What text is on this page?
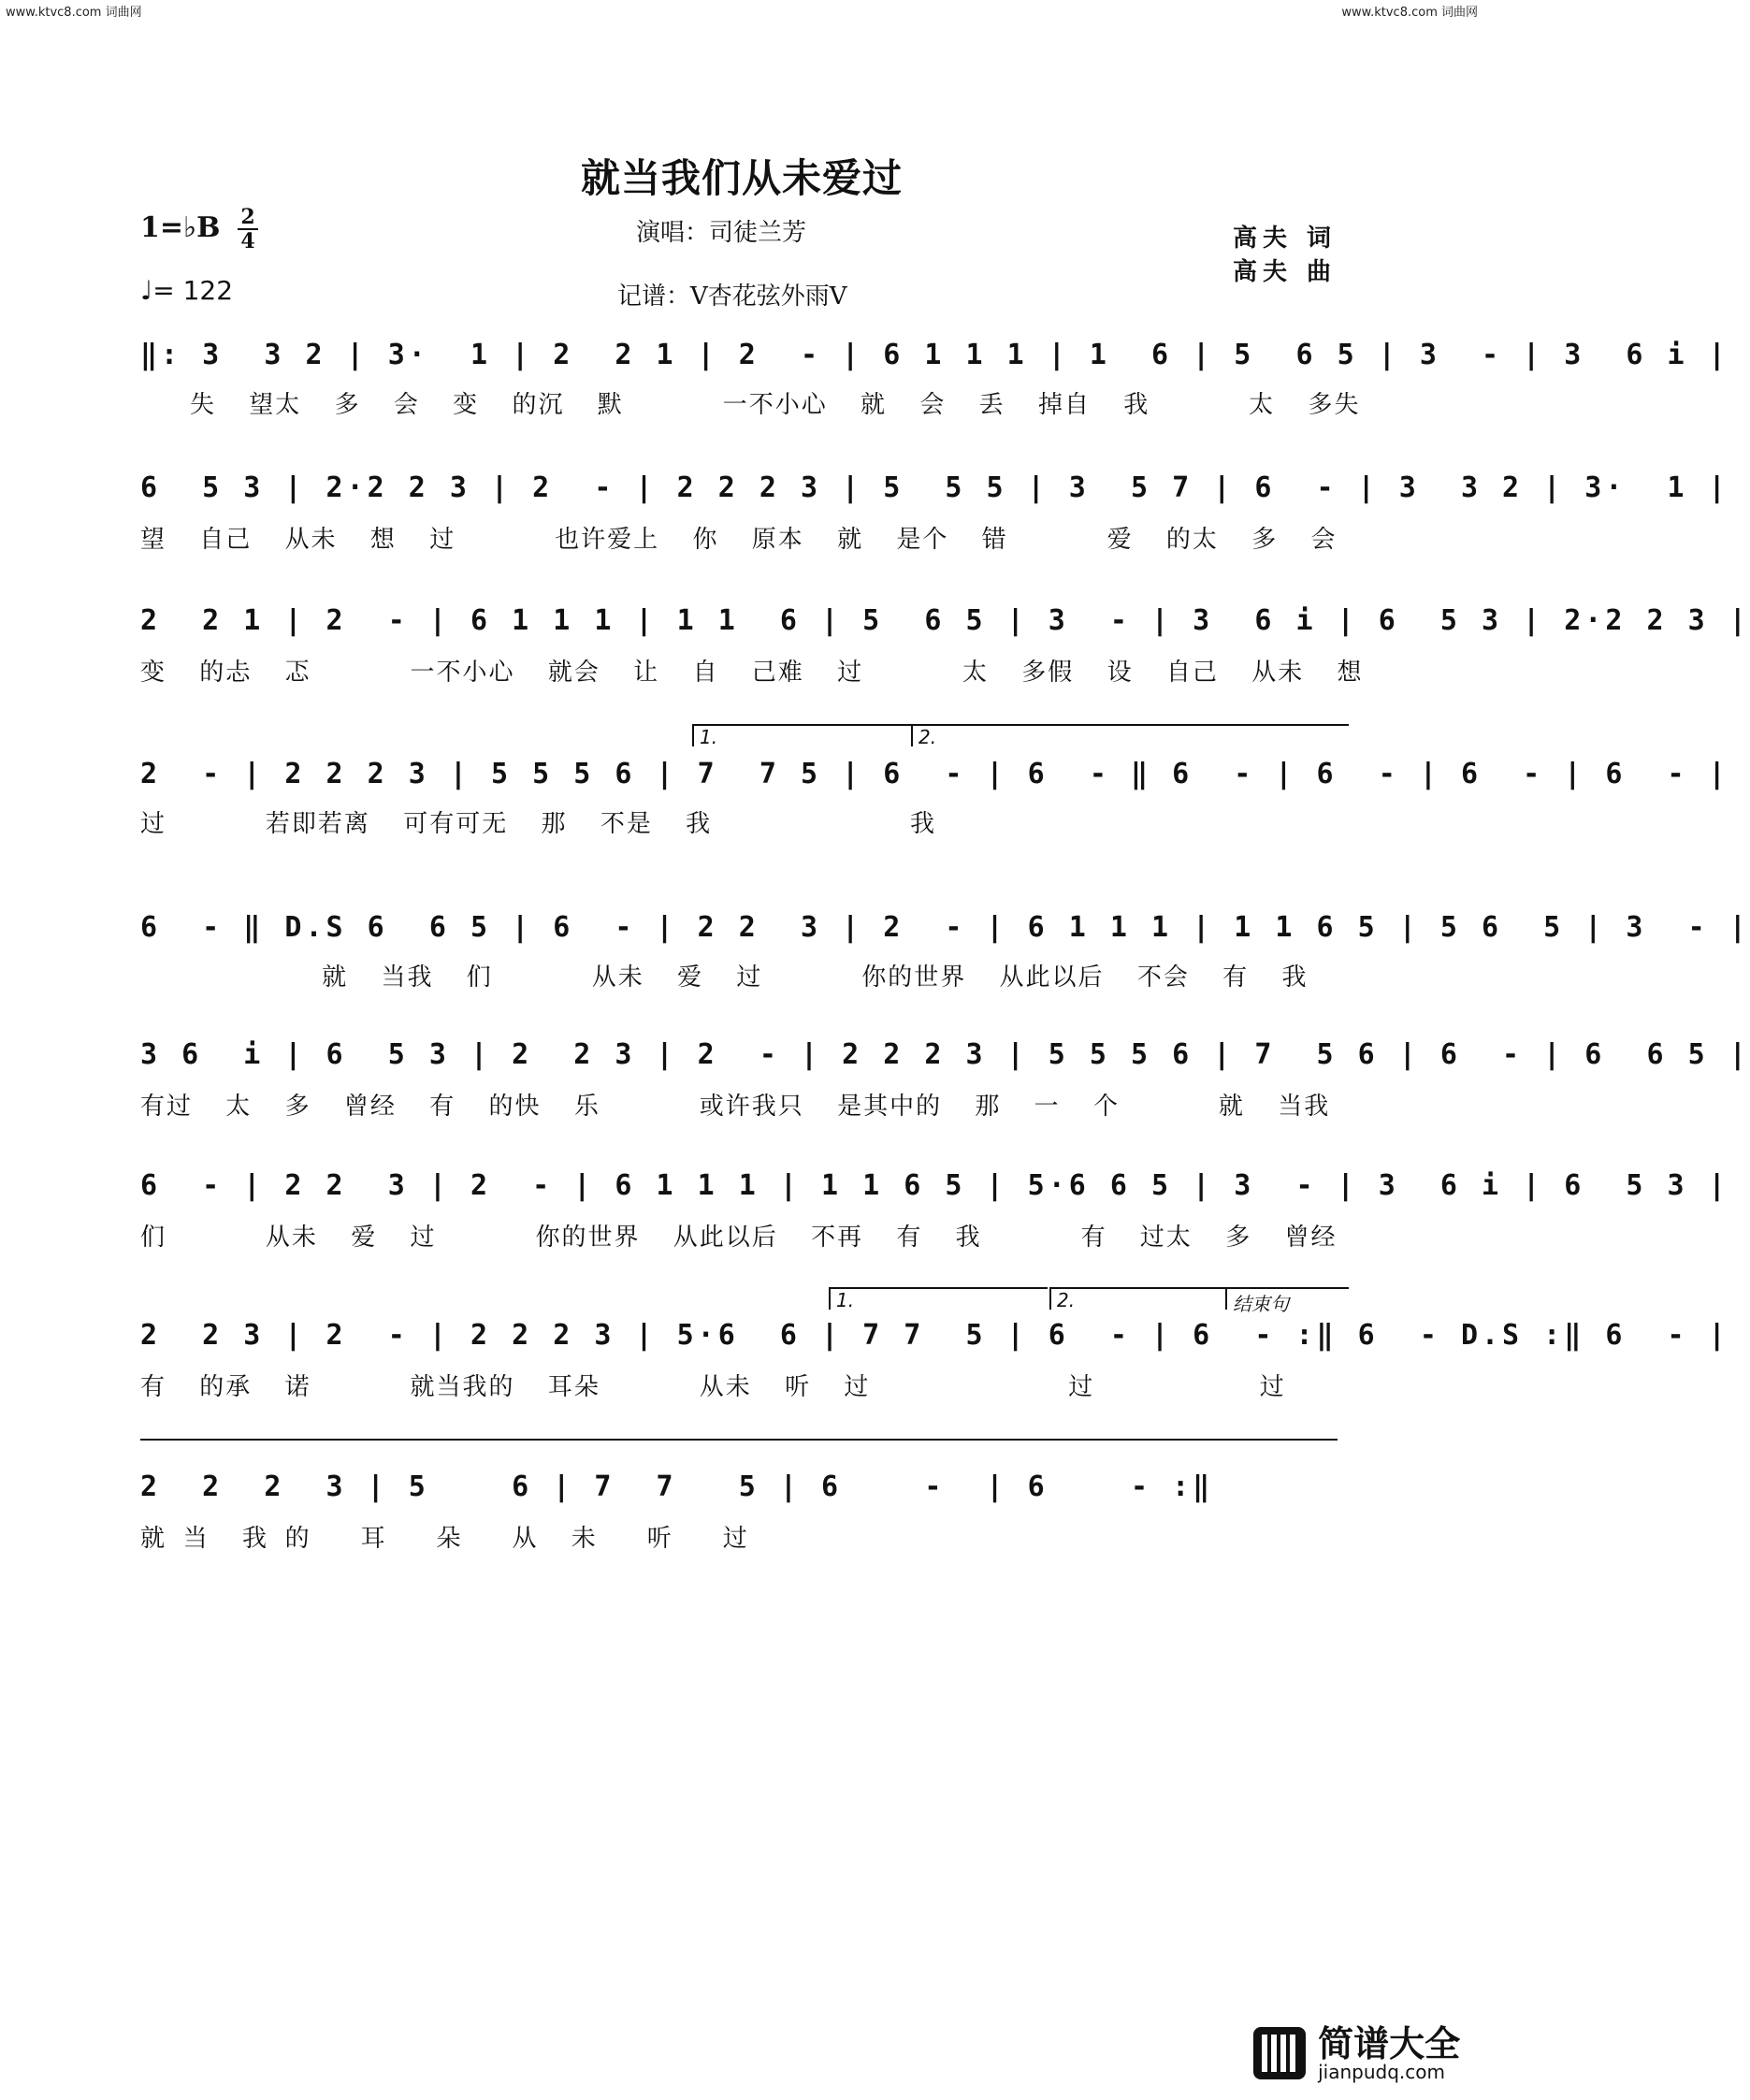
www.ktvc8.com 词曲网	www.ktvc8.com 词曲网
就当我们从未爱过
1=♭B 2
4	演唱：司徒兰芳	高夫 词
高夫 曲
♩= 122	记谱：V杏花弦外雨V
‖: 3  3 2 | 3·  1 | 2  2 1 | 2  - | 6 1 1 1 | 1  6 | 5  6 5 | 3  - | 3  6 i |
失  望太  多  会  变  的沉  默      一不小心  就  会  丢  掉自  我      太  多失
6  5 3 | 2·2 2 3 | 2  - | 2 2 2 3 | 5  5 5 | 3  5 7 | 6  - | 3  3 2 | 3·  1 |
望  自己  从未  想  过      也许爱上  你  原本  就  是个  错      爱  的太  多  会
2  2 1 | 2  - | 6 1 1 1 | 1 1  6 | 5  6 5 | 3  - | 3  6 i | 6  5 3 | 2·2 2 3 |
变  的忐  忑      一不小心  就会  让  自  己难  过      太  多假  设  自己  从未  想
1.	2.
2  - | 2 2 2 3 | 5 5 5 6 | 7  7 5 | 6  - | 6  - ‖ 6  - | 6  - | 6  - | 6  - |
过      若即若离  可有可无  那  不是  我            我
6  - ‖ D.S 6  6 5 | 6  - | 2 2  3 | 2  - | 6 1 1 1 | 1 1 6 5 | 5 6  5 | 3  - |
就  当我  们      从未  爱  过      你的世界  从此以后  不会  有  我
3 6  i | 6  5 3 | 2  2 3 | 2  - | 2 2 2 3 | 5 5 5 6 | 7  5 6 | 6  - | 6  6 5 |
有过  太  多  曾经  有  的快  乐      或许我只  是其中的  那  一  个      就  当我
6  - | 2 2  3 | 2  - | 6 1 1 1 | 1 1 6 5 | 5·6 6 5 | 3  - | 3  6 i | 6  5 3 |
们      从未  爱  过      你的世界  从此以后  不再  有  我      有  过太  多  曾经
1.	2.	结束句
2  2 3 | 2  - | 2 2 2 3 | 5·6  6 | 7 7  5 | 6  - | 6  - :‖ 6  - D.S :‖ 6  - |
有  的承  诺      就当我的  耳朵      从未  听  过            过          过
2  2  2  3 | 5    6 | 7  7   5 | 6    -  | 6    - :‖
就 当  我 的   耳   朵   从  未   听   过

简谱大全
jianpudq.com
